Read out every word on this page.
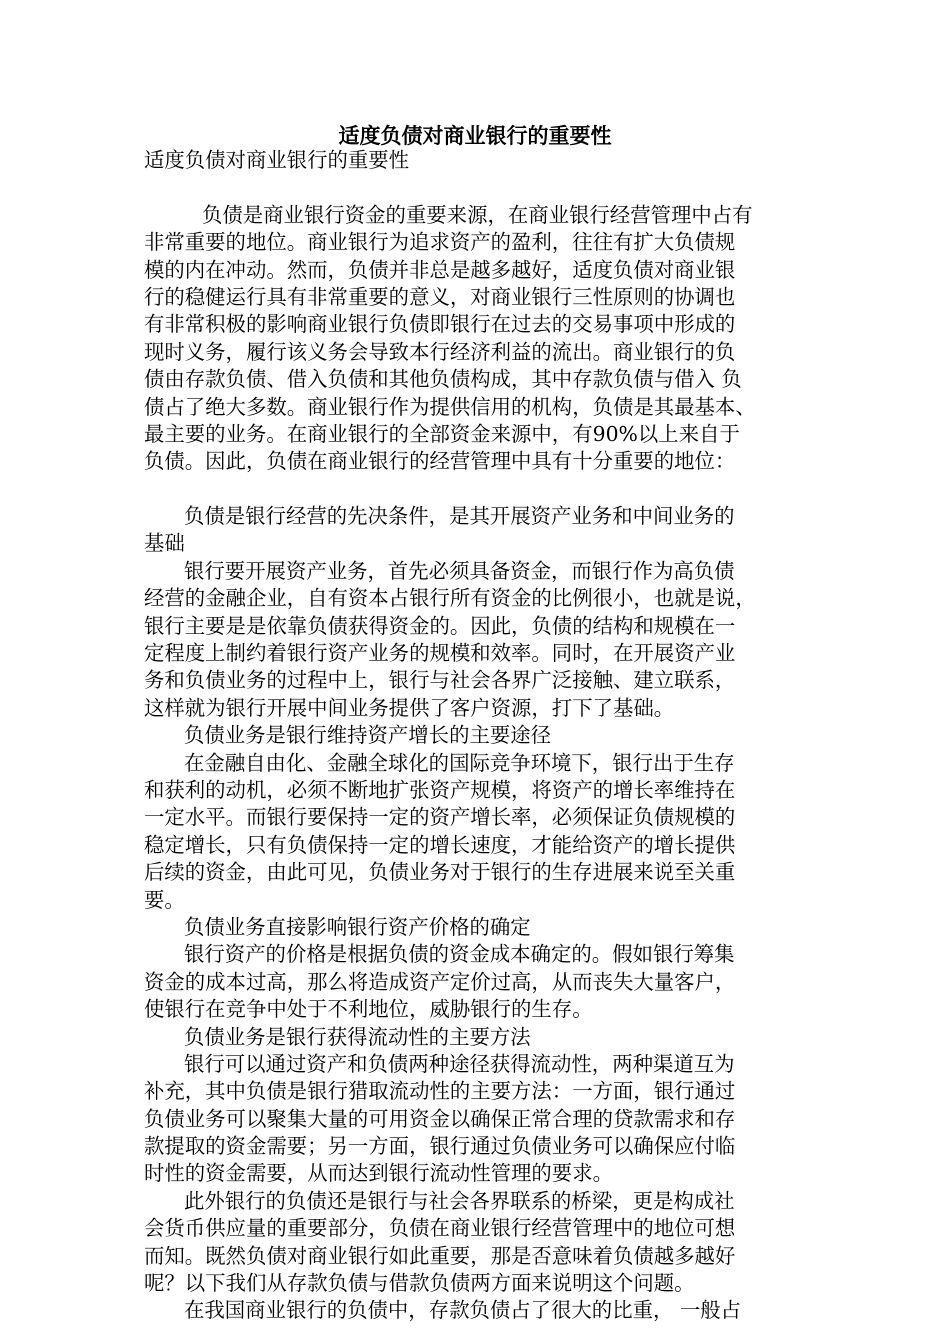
适度负债对商业银行的重要性
适度负债对商业银行的重要性
负债是商业银行资金的重要来源，在商业银行经营管理中占有
非常重要的地位。商业银行为追求资产的盈利，往往有扩大负债规
模的内在冲动。然而，负债并非总是越多越好，适度负债对商业银
行的稳健运行具有非常重要的意义，对商业银行三性原则的协调也
有非常积极的影响商业银行负债即银行在过去的交易事项中形成的
现时义务，履行该义务会导致本行经济利益的流出。商业银行的负
债由存款负债、借入负债和其他负债构成，其中存款负债与借入 负
债占了绝大多数。商业银行作为提供信用的机构，负债是其最基本、
最主要的业务。在商业银行的全部资金来源中，有90%以上来自于
负债。因此，负债在商业银行的经营管理中具有十分重要的地位：
负债是银行经营的先决条件，是其开展资产业务和中间业务的
基础
银行要开展资产业务，首先必须具备资金，而银行作为高负债
经营的金融企业，自有资本占银行所有资金的比例很小，也就是说，
银行主要是是依靠负债获得资金的。因此，负债的结构和规模在一
定程度上制约着银行资产业务的规模和效率。同时，在开展资产业
务和负债业务的过程中上，银行与社会各界广泛接触、建立联系，
这样就为银行开展中间业务提供了客户资源，打下了基础。
负债业务是银行维持资产增长的主要途径
在金融自由化、金融全球化的国际竞争环境下，银行出于生存
和获利的动机，必须不断地扩张资产规模，将资产的增长率维持在
一定水平。而银行要保持一定的资产增长率，必须保证负债规模的
稳定增长，只有负债保持一定的增长速度，才能给资产的增长提供
后续的资金，由此可见，负债业务对于银行的生存进展来说至关重
要。
负债业务直接影响银行资产价格的确定
银行资产的价格是根据负债的资金成本确定的。假如银行筹集
资金的成本过高，那么将造成资产定价过高，从而丧失大量客户，
使银行在竞争中处于不利地位，威胁银行的生存。
负债业务是银行获得流动性的主要方法
银行可以通过资产和负债两种途径获得流动性，两种渠道互为
补充，其中负债是银行猎取流动性的主要方法：一方面，银行通过
负债业务可以聚集大量的可用资金以确保正常合理的贷款需求和存
款提取的资金需要；另一方面，银行通过负债业务可以确保应付临
时性的资金需要，从而达到银行流动性管理的要求。
此外银行的负债还是银行与社会各界联系的桥梁，更是构成社
会货币供应量的重要部分，负债在商业银行经营管理中的地位可想
而知。既然负债对商业银行如此重要，那是否意味着负债越多越好
呢？以下我们从存款负债与借款负债两方面来说明这个问题。
在我国商业银行的负债中，存款负债占了很大的比重， 一般占
